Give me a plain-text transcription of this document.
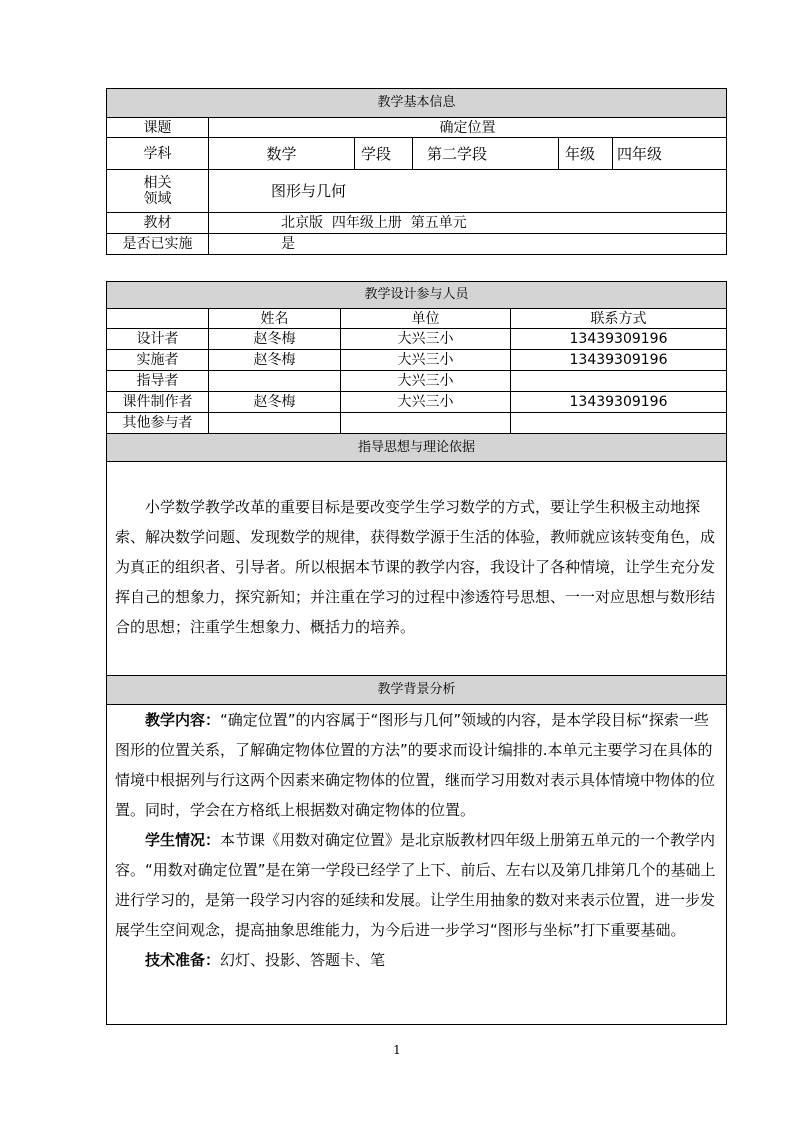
教学基本信息					
课题	确定位置				
学科	数学	学段	第二学段	年级	四年级

相关
领域	图形与几何				
教材	北京版  四年级上册  第五单元				
是否已实施	是				
教学设计参与人员			
	姓名	单位	联系方式
设计者	赵冬梅	大兴三小	13439309196
实施者	赵冬梅	大兴三小	13439309196
指导者		大兴三小	
课件制作者	赵冬梅	大兴三小	13439309196
其他参与者			
指导思想与理论依据			

小学数学教学改革的重要目标是要改变学生学习数学的方式，要让学生积极主动地探索、解决数学问题、发现数学的规律，获得数学源于生活的体验，教师就应该转变角色，成为真正的组织者、引导者。所以根据本节课的教学内容，我设计了各种情境，让学生充分发挥自己的想象力，探究新知；并注重在学习的过程中渗透符号思想、一一对应思想与数形结合的思想；注重学生想象力、概括力的培养。			

教学背景分析			

教学内容：“确定位置”的内容属于“图形与几何”领域的内容，是本学段目标“探索一些图形的位置关系，了解确定物体位置的方法”的要求而设计编排的.本单元主要学习在具体的情境中根据列与行这两个因素来确定物体的位置，继而学习用数对表示具体情境中物体的位置。同时，学会在方格纸上根据数对确定物体的位置。

学生情况：本节课《用数对确定位置》是北京版教材四年级上册第五单元的一个教学内容。“用数对确定位置”是在第一学段已经学了上下、前后、左右以及第几排第几个的基础上进行学习的，是第一段学习内容的延续和发展。让学生用抽象的数对来表示位置，进一步发展学生空间观念，提高抽象思维能力，为今后进一步学习“图形与坐标”打下重要基础。

技术准备：幻灯、投影、答题卡、笔			

1
